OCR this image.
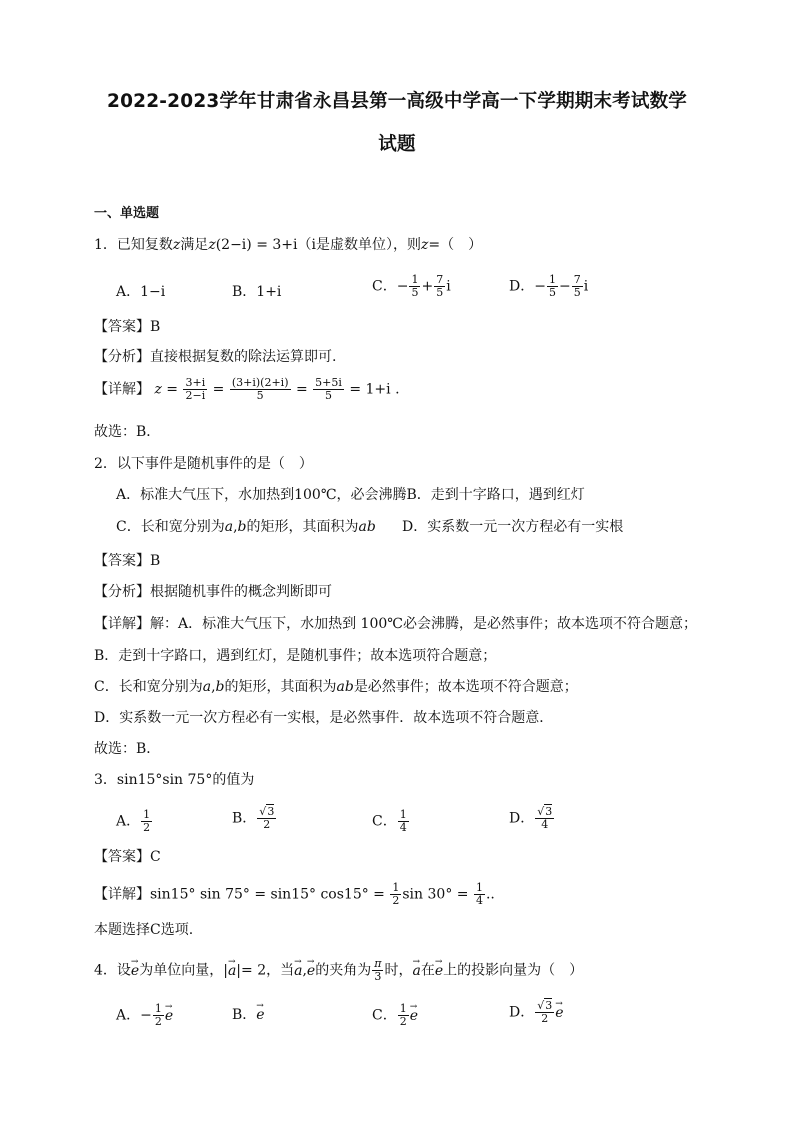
2022-2023学年甘肃省永昌县第一高级中学高一下学期期末考试数学
试题
一、单选题
1．已知复数z满足z(2−i) = 3+i（i是虚数单位），则z=（　）
A．1−i	B．1+i	C．− $\frac{1}{5} + \frac{7}{5}$ i	D．− $\frac{1}{5} - \frac{7}{5}$ i
【答案】B
【分析】直接根据复数的除法运算即可.
【详解】 $z = \frac{3+i}{2-i} = \frac{(3+i)(2+i)}{5} = \frac{5+5i}{5} = 1+i$ .
故选：B．
2．以下事件是随机事件的是（　）
A．标准大气压下，水加热到100℃，必会沸腾B．走到十字路口，遇到红灯
C．长和宽分别为a,b的矩形，其面积为ab D．实系数一元一次方程必有一实根
【答案】B
【分析】根据随机事件的概念判断即可
【详解】解：A．标准大气压下，水加热到 100℃必会沸腾，是必然事件；故本选项不符合题意；
B．走到十字路口，遇到红灯，是随机事件；故本选项符合题意；
C．长和宽分别为a,b的矩形，其面积为ab是必然事件；故本选项不符合题意；
D．实系数一元一次方程必有一实根，是必然事件．故本选项不符合题意．
故选：B．
3．sin15°sin 75°的值为
A． $\frac{1}{2}$	B． $\frac{√3}{2}$	C． $\frac{1}{4}$	D． $\frac{√3}{4}$
【答案】C
【详解】sin15° sin 75° = sin15° $\cos 15^\circ = \frac{1}{2}$ $\sin 30^\circ = \frac{1}{4}$ ..
本题选择C选项.
4．设→ e为单位向量，|→ a|= 2，当→ a,→ e的夹角为 $\frac{\pi}{3}$ 时，→ a在→ e上的投影向量为（　）
A．− $\frac{1}{2}$
→ e	B．→ e	C． $\frac{1}{2}$
→ e	D． $\frac{√3}{2}$
→ e
